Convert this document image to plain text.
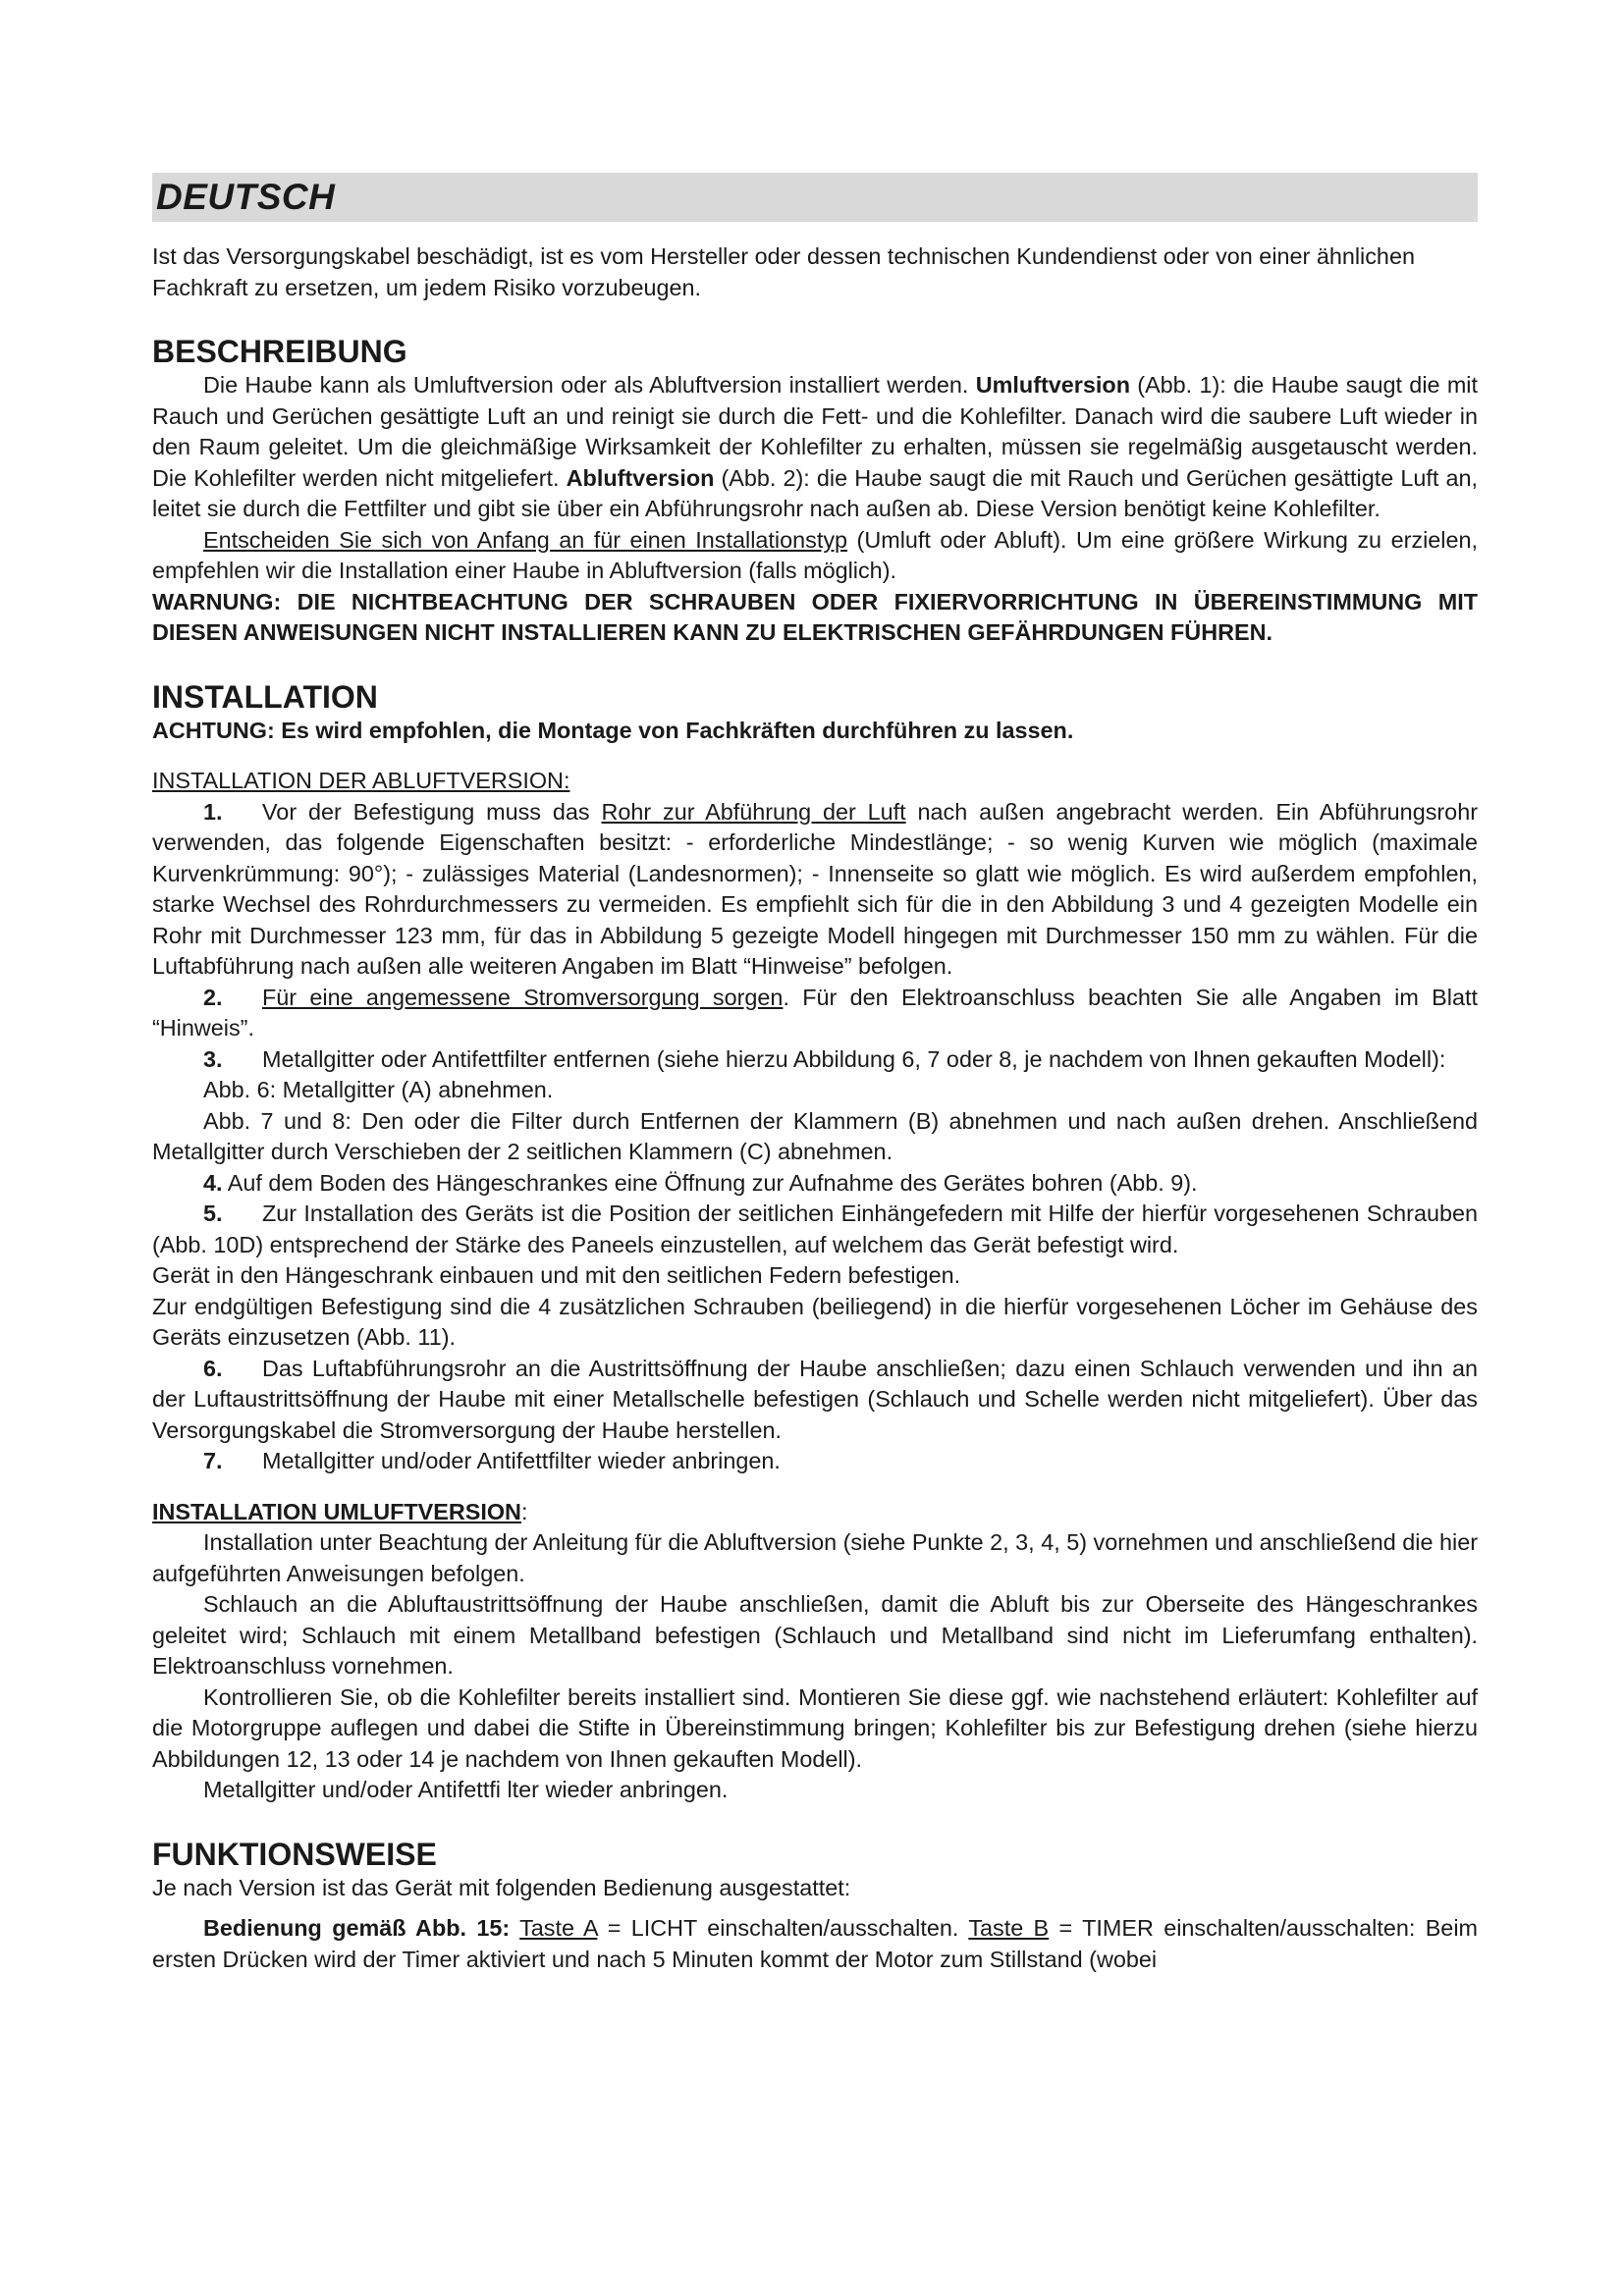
DEUTSCH

Ist das Versorgungskabel beschädigt, ist es vom Hersteller oder dessen technischen Kundendienst oder von einer ähnlichen Fachkraft zu ersetzen, um jedem Risiko vorzubeugen.

BESCHREIBUNG

Die Haube kann als Umluftversion oder als Abluftversion installiert werden. Umluftversion (Abb. 1): die Haube saugt die mit Rauch und Gerüchen gesättigte Luft an und reinigt sie durch die Fett- und die Kohlefilter. Danach wird die saubere Luft wieder in den Raum geleitet. Um die gleichmäßige Wirksamkeit der Kohlefilter zu erhalten, müssen sie regelmäßig ausgetauscht werden. Die Kohlefilter werden nicht mitgeliefert. Abluftversion (Abb. 2): die Haube saugt die mit Rauch und Gerüchen gesättigte Luft an, leitet sie durch die Fettfilter und gibt sie über ein Abführungsrohr nach außen ab. Diese Version benötigt keine Kohlefilter.

Entscheiden Sie sich von Anfang an für einen Installationstyp (Umluft oder Abluft). Um eine größere Wirkung zu erzielen, empfehlen wir die Installation einer Haube in Abluftversion (falls möglich).

WARNUNG: DIE NICHTBEACHTUNG DER SCHRAUBEN ODER FIXIERVORRICHTUNG IN ÜBEREINSTIMMUNG MIT DIESEN ANWEISUNGEN NICHT INSTALLIEREN KANN ZU ELEKTRISCHEN GEFÄHRDUNGEN FÜHREN.

INSTALLATION

ACHTUNG: Es wird empfohlen, die Montage von Fachkräften durchführen zu lassen.

INSTALLATION DER ABLUFTVERSION:

1. Vor der Befestigung muss das Rohr zur Abführung der Luft nach außen angebracht werden. Ein Abführungsrohr verwenden, das folgende Eigenschaften besitzt: - erforderliche Mindestlänge; - so wenig Kurven wie möglich (maximale Kurvenkrümmung: 90°); - zulässiges Material (Landesnormen); - Innenseite so glatt wie möglich. Es wird außerdem empfohlen, starke Wechsel des Rohrdurchmessers zu vermeiden. Es empfiehlt sich für die in den Abbildung 3 und 4 gezeigten Modelle ein Rohr mit Durchmesser 123 mm, für das in Abbildung 5 gezeigte Modell hingegen mit Durchmesser 150 mm zu wählen. Für die Luftabführung nach außen alle weiteren Angaben im Blatt “Hinweise” befolgen.

2. Für eine angemessene Stromversorgung sorgen. Für den Elektroanschluss beachten Sie alle Angaben im Blatt “Hinweis”.

3. Metallgitter oder Antifettfilter entfernen (siehe hierzu Abbildung 6, 7 oder 8, je nachdem von Ihnen gekauften Modell):

Abb. 6: Metallgitter (A) abnehmen.

Abb. 7 und 8: Den oder die Filter durch Entfernen der Klammern (B) abnehmen und nach außen drehen. Anschließend Metallgitter durch Verschieben der 2 seitlichen Klammern (C) abnehmen.

4. Auf dem Boden des Hängeschrankes eine Öffnung zur Aufnahme des Gerätes bohren (Abb. 9).

5. Zur Installation des Geräts ist die Position der seitlichen Einhängefedern mit Hilfe der hierfür vorgesehenen Schrauben (Abb. 10D) entsprechend der Stärke des Paneels einzustellen, auf welchem das Gerät befestigt wird.

Gerät in den Hängeschrank einbauen und mit den seitlichen Federn befestigen.

Zur endgültigen Befestigung sind die 4 zusätzlichen Schrauben (beiliegend) in die hierfür vorgesehenen Löcher im Gehäuse des Geräts einzusetzen (Abb. 11).

6. Das Luftabführungsrohr an die Austrittsöffnung der Haube anschließen; dazu einen Schlauch verwenden und ihn an der Luftaustrittsöffnung der Haube mit einer Metallschelle befestigen (Schlauch und Schelle werden nicht mitgeliefert). Über das Versorgungskabel die Stromversorgung der Haube herstellen.

7. Metallgitter und/oder Antifettfilter wieder anbringen.

INSTALLATION UMLUFTVERSION:

Installation unter Beachtung der Anleitung für die Abluftversion (siehe Punkte 2, 3, 4, 5) vornehmen und anschließend die hier aufgeführten Anweisungen befolgen.

Schlauch an die Abluftaustrittsöffnung der Haube anschließen, damit die Abluft bis zur Oberseite des Hängeschrankes geleitet wird; Schlauch mit einem Metallband befestigen (Schlauch und Metallband sind nicht im Lieferumfang enthalten). Elektroanschluss vornehmen.

Kontrollieren Sie, ob die Kohlefilter bereits installiert sind. Montieren Sie diese ggf. wie nachstehend erläutert: Kohlefilter auf die Motorgruppe auflegen und dabei die Stifte in Übereinstimmung bringen; Kohlefilter bis zur Befestigung drehen (siehe hierzu Abbildungen 12, 13 oder 14 je nachdem von Ihnen gekauften Modell).

Metallgitter und/oder Antifettfi lter wieder anbringen.

FUNKTIONSWEISE

Je nach Version ist das Gerät mit folgenden Bedienung ausgestattet:

Bedienung gemäß Abb. 15: Taste A = LICHT einschalten/ausschalten. Taste B = TIMER einschalten/ausschalten: Beim ersten Drücken wird der Timer aktiviert und nach 5 Minuten kommt der Motor zum Stillstand (wobei
